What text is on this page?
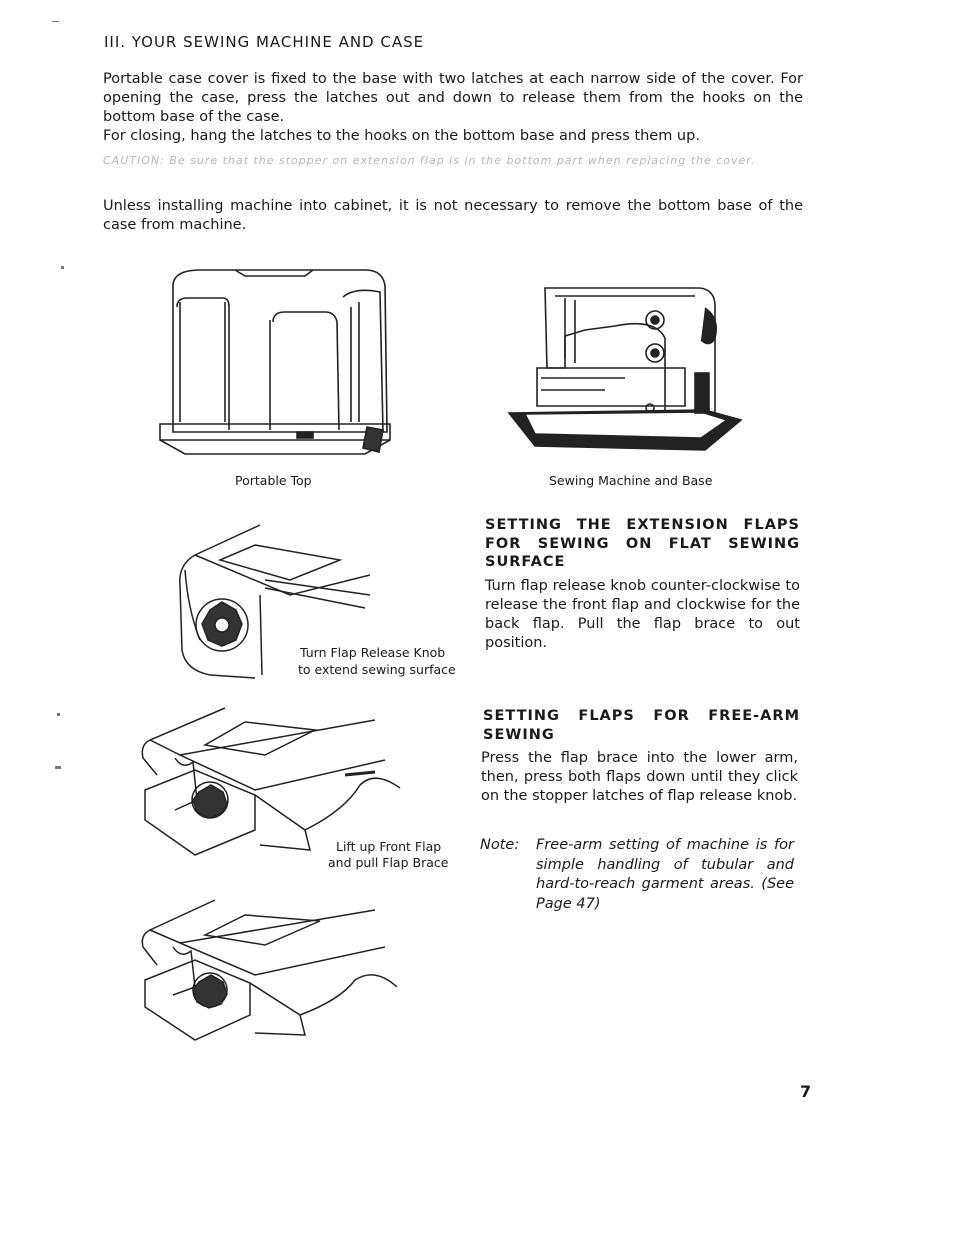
III. YOUR SEWING MACHINE AND CASE
Portable case cover is fixed to the base with two latches at each narrow side of the cover. For opening the case, press the latches out and down to release them from the hooks on the bottom base of the case.
For closing, hang the latches to the hooks on the bottom base and press them up.
CAUTION: Be sure that the stopper on extension flap is in the bottom part when replacing the cover.
Unless installing machine into cabinet, it is not necessary to remove the bottom base of the case from machine.
Portable Top	Sewing Machine and Base
Turn Flap Release Knob
to extend sewing surface
SETTING THE EXTENSION FLAPS FOR SEWING ON FLAT SEWING SURFACE
Turn flap release knob counter-clockwise to release the front flap and clockwise for the back flap. Pull the flap brace to out position.
Lift up Front Flap
and pull Flap Brace
SETTING FLAPS FOR FREE-ARM SEWING
Press the flap brace into the lower arm, then, press both flaps down until they click on the stopper latches of flap release knob.
Note: Free-arm setting of machine is for simple handling of tubular and hard-to-reach garment areas. (See Page 47)
7
